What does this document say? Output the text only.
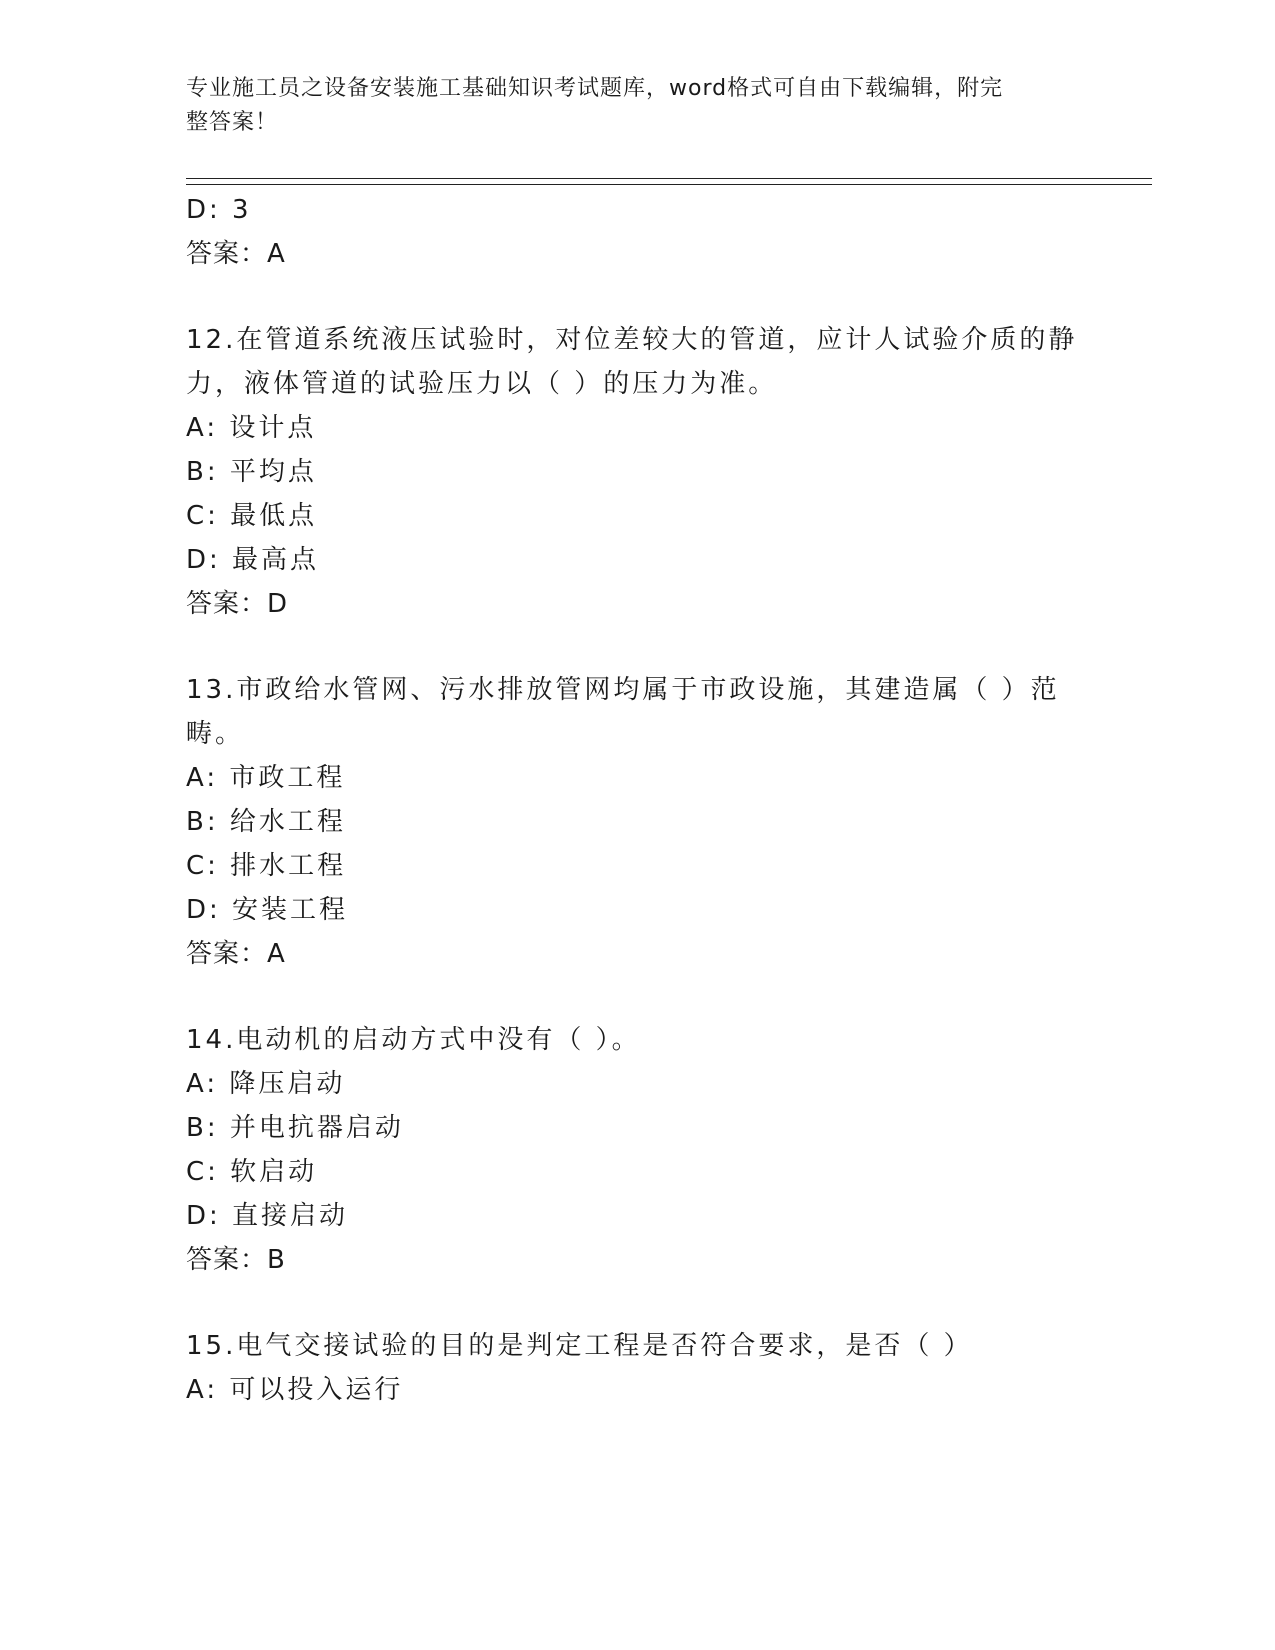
专业施工员之设备安装施工基础知识考试题库，word格式可自由下载编辑，附完
整答案！
D: 3
答案：A
12.在管道系统液压试验时，对位差较大的管道，应计人试验介质的静
力，液体管道的试验压力以（ ）的压力为准。
A: 设计点
B: 平均点
C: 最低点
D: 最高点
答案：D
13.市政给水管网、污水排放管网均属于市政设施，其建造属（ ）范
畴。
A: 市政工程
B: 给水工程
C: 排水工程
D: 安装工程
答案：A
14.电动机的启动方式中没有（ ）。
A: 降压启动
B: 并电抗器启动
C: 软启动
D: 直接启动
答案：B
15.电气交接试验的目的是判定工程是否符合要求，是否（ ）
A: 可以投入运行
